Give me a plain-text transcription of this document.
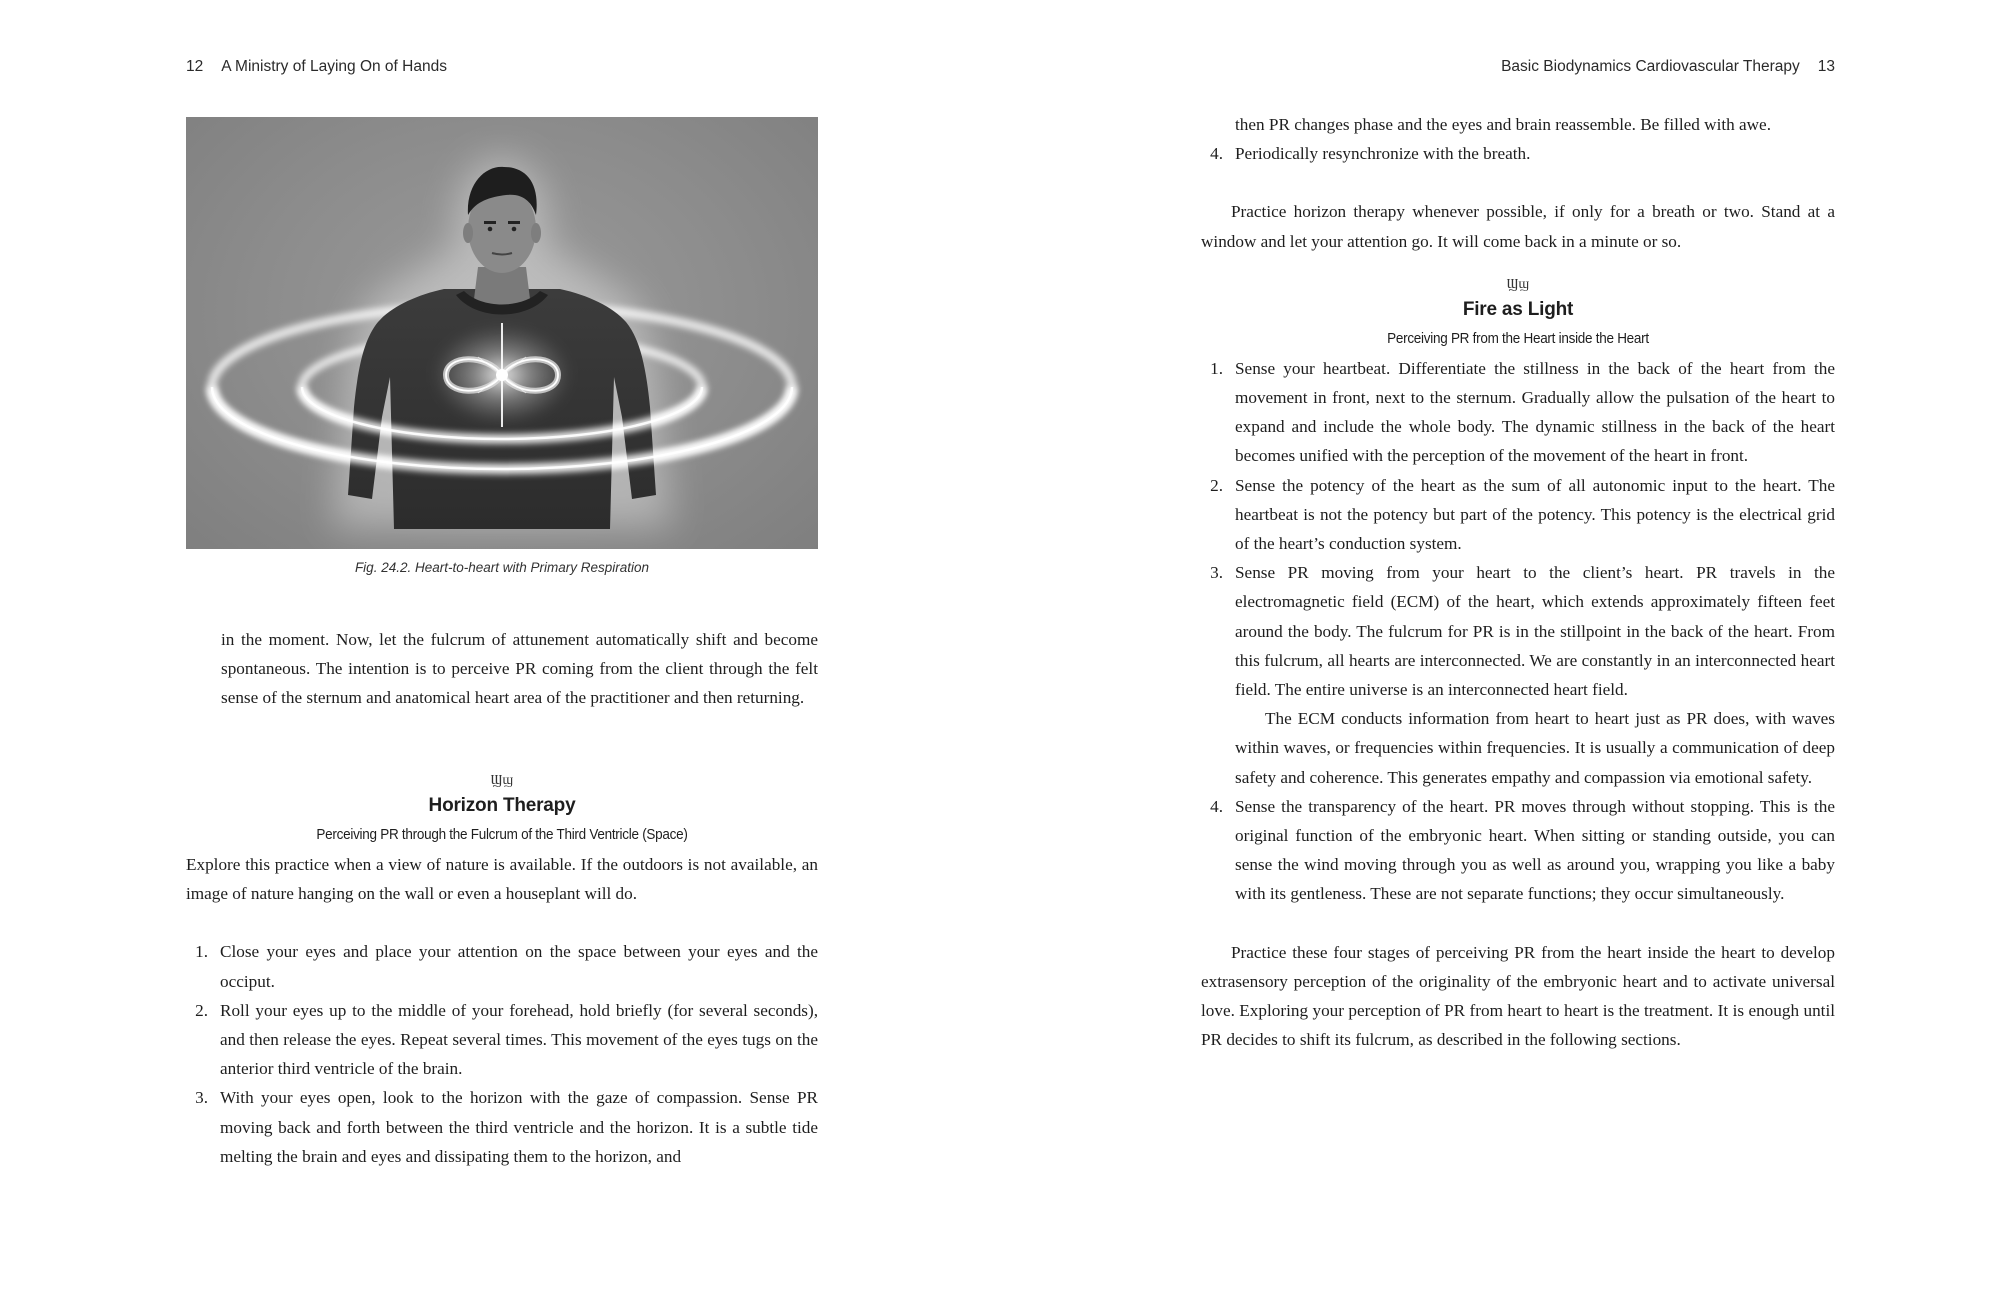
12 A Ministry of Laying On of Hands
Fig. 24.2. Heart-to-heart with Primary Respiration

in the moment. Now, let the fulcrum of attunement automatically shift and become spontaneous. The intention is to perceive PR coming from the client through the felt sense of the sternum and anatomical heart area of the practitioner and then returning.

Ϣϣ
Horizon Therapy
Perceiving PR through the Fulcrum of the Third Ventricle (Space)

Explore this practice when a view of nature is available. If the outdoors is not available, an image of nature hanging on the wall or even a houseplant will do.

1. Close your eyes and place your attention on the space between your eyes and the occiput.
2. Roll your eyes up to the middle of your forehead, hold briefly (for several seconds), and then release the eyes. Repeat several times. This movement of the eyes tugs on the anterior third ventricle of the brain.
3. With your eyes open, look to the horizon with the gaze of compassion. Sense PR moving back and forth between the third ventricle and the horizon. It is a subtle tide melting the brain and eyes and dissipating them to the horizon, and
Basic Biodynamics Cardiovascular Therapy 13
then PR changes phase and the eyes and brain reassemble. Be filled with awe.
4. Periodically resynchronize with the breath.

Practice horizon therapy whenever possible, if only for a breath or two. Stand at a window and let your attention go. It will come back in a minute or so.

Ϣϣ
Fire as Light
Perceiving PR from the Heart inside the Heart
1. Sense your heartbeat. Differentiate the stillness in the back of the heart from the movement in front, next to the sternum. Gradually allow the pulsation of the heart to expand and include the whole body. The dynamic stillness in the back of the heart becomes unified with the perception of the movement of the heart in front.
2. Sense the potency of the heart as the sum of all autonomic input to the heart. The heartbeat is not the potency but part of the potency. This potency is the electrical grid of the heart’s conduction system.
3. Sense PR moving from your heart to the client’s heart. PR travels in the electromagnetic field (ECM) of the heart, which extends approximately fifteen feet around the body. The fulcrum for PR is in the stillpoint in the back of the heart. From this fulcrum, all hearts are interconnected. We are constantly in an interconnected heart field. The entire universe is an interconnected heart field.

The ECM conducts information from heart to heart just as PR does, with waves within waves, or frequencies within frequencies. It is usually a communication of deep safety and coherence. This generates empathy and compassion via emotional safety.

4. Sense the transparency of the heart. PR moves through without stopping. This is the original function of the embryonic heart. When sitting or standing outside, you can sense the wind moving through you as well as around you, wrapping you like a baby with its gentleness. These are not separate functions; they occur simultaneously.

Practice these four stages of perceiving PR from the heart inside the heart to develop extrasensory perception of the originality of the embryonic heart and to activate universal love. Exploring your perception of PR from heart to heart is the treatment. It is enough until PR decides to shift its fulcrum, as described in the following sections.
